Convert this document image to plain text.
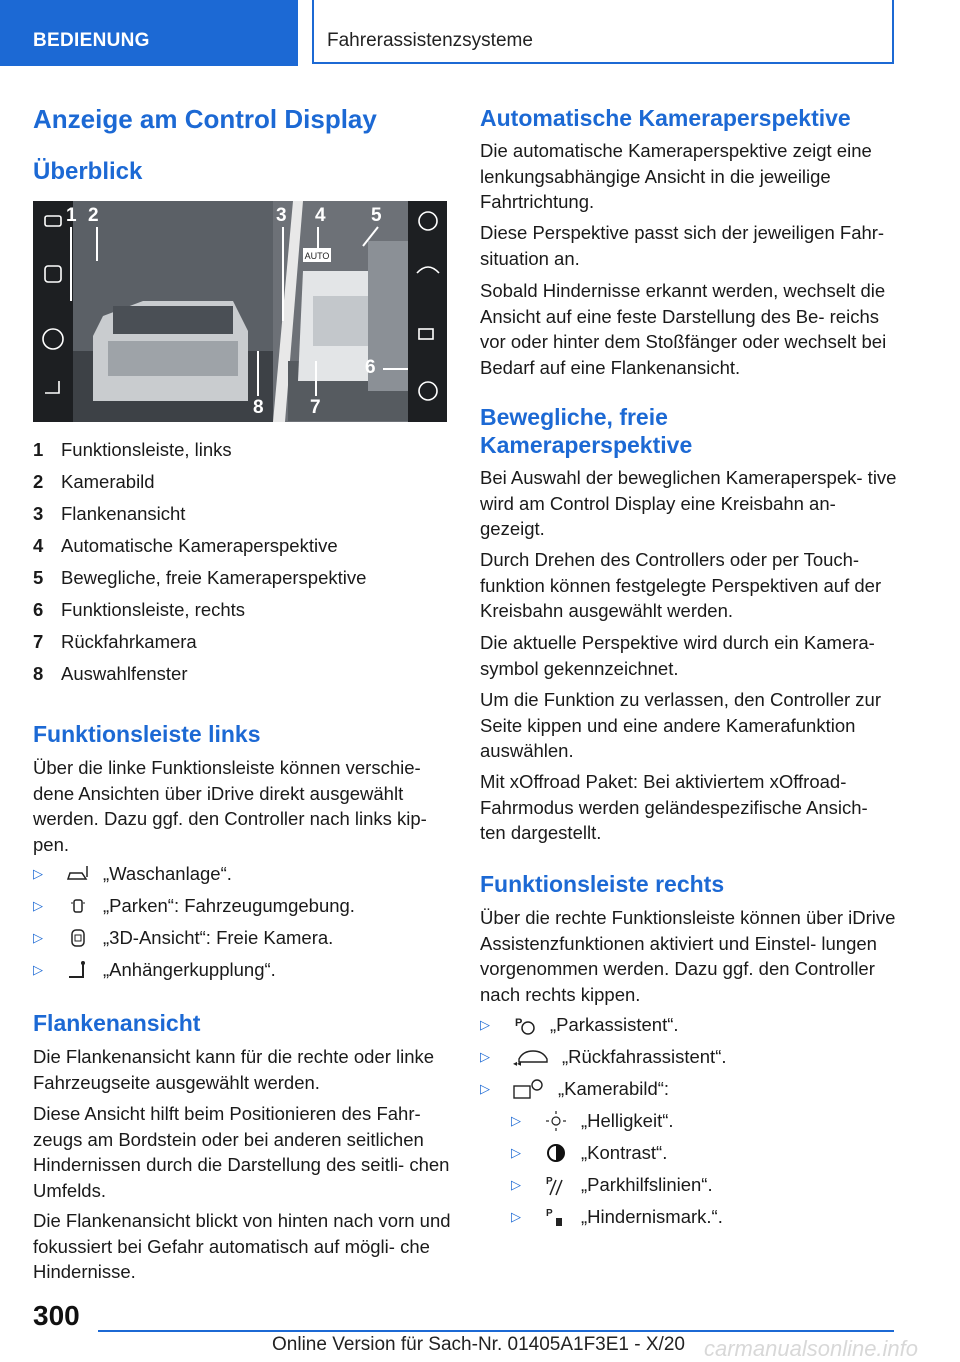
BEDIENUNG	Fahrerassistenzsysteme
Anzeige am Control Display
Überblick
AUTO
1 2	3 4 5
6
7
8
1 Funktionsleiste, links
2 Kamerabild
3 Flankenansicht
4 Automatische Kameraperspektive
5 Bewegliche, freie Kameraperspektive
6 Funktionsleiste, rechts
7 Rückfahrkamera
8 Auswahlfenster
Funktionsleiste links
Über die linke Funktionsleiste können verschie‐ dene Ansichten über iDrive direkt ausgewählt werden. Dazu ggf. den Controller nach links kip‐ pen.
▷	„Waschanlage“.
▷	„Parken“: Fahrzeugumgebung.
▷	„3D-Ansicht“: Freie Kamera.
▷	„Anhängerkupplung“.
Flankenansicht
Die Flankenansicht kann für die rechte oder linke Fahrzeugseite ausgewählt werden.
Diese Ansicht hilft beim Positionieren des Fahr‐ zeugs am Bordstein oder bei anderen seitlichen Hindernissen durch die Darstellung des seitli‐ chen Umfelds.
Die Flankenansicht blickt von hinten nach vorn und fokussiert bei Gefahr automatisch auf mögli‐ che Hindernisse.
Automatische Kameraperspektive
Die automatische Kameraperspektive zeigt eine lenkungsabhängige Ansicht in die jeweilige Fahrtrichtung.
Diese Perspektive passt sich der jeweiligen Fahr‐ situation an.
Sobald Hindernisse erkannt werden, wechselt die Ansicht auf eine feste Darstellung des Be‐ reichs vor oder hinter dem Stoßfänger oder wechselt bei Bedarf auf eine Flankenansicht.
Bewegliche, freie
Kameraperspektive
Bei Auswahl der beweglichen Kameraperspek‐ tive wird am Control Display eine Kreisbahn an‐ gezeigt.
Durch Drehen des Controllers oder per Touch‐ funktion können festgelegte Perspektiven auf der Kreisbahn ausgewählt werden.
Die aktuelle Perspektive wird durch ein Kamera‐ symbol gekennzeichnet.
Um die Funktion zu verlassen, den Controller zur Seite kippen und eine andere Kamerafunktion auswählen.
Mit xOffroad Paket: Bei aktiviertem xOffroad- Fahrmodus werden geländespezifische Ansich‐ ten dargestellt.
Funktionsleiste rechts
Über die rechte Funktionsleiste können über iDrive Assistenzfunktionen aktiviert und Einstel‐ lungen vorgenommen werden. Dazu ggf. den Controller nach rechts kippen.
▷	P „Parkassistent“.
▷	◂◂ „Rückfahrassistent“.
▷	„Kamerabild“:
▷	„Helligkeit“.
▷	„Kontrast“.
▷	P „Parkhilfslinien“.
▷	P „Hindernismark.“.
300
Online Version für Sach-Nr. 01405A1F3E1 - X/20 carmanualsonline.info
